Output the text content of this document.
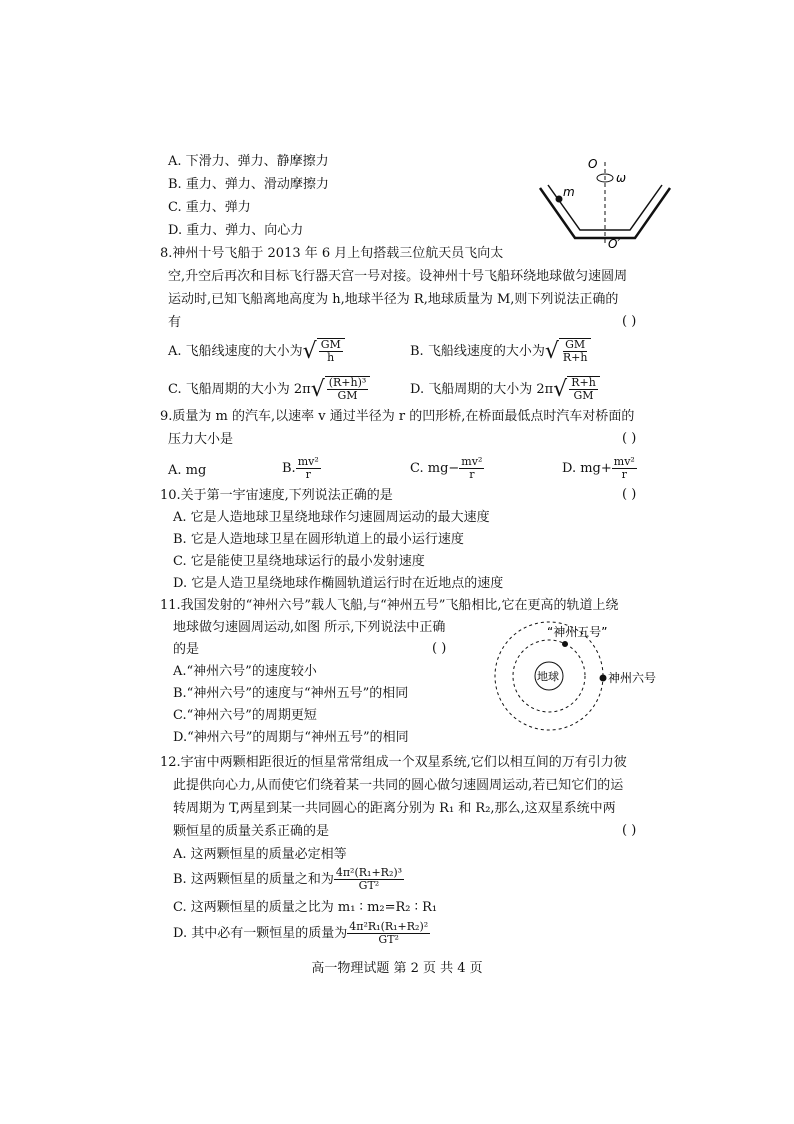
A. 下滑力、弹力、静摩擦力
B. 重力、弹力、滑动摩擦力
C. 重力、弹力
D. 重力、弹力、向心力
O
m
ω
O′
8.神州十号飞船于 2013 年 6 月上旬搭载三位航天员飞向太
空,升空后再次和目标飞行器天宫一号对接。设神州十号飞船环绕地球做匀速圆周
运动时,已知飞船离地高度为 h,地球半径为 R,地球质量为 M,则下列说法正确的
有	( )
A. 飞船线速度的大小为 √ $\frac{GM}{h}$	B. 飞船线速度的大小为 √ $\frac{GM}{R+h}$
C. 飞船周期的大小为 2π √ $\frac{\text{(R+h)³}}{GM}$	D. 飞船周期的大小为 2π √ $\frac{R+h}{GM}$
9.质量为 m 的汽车,以速率 v 通过半径为 r 的凹形桥,在桥面最低点时汽车对桥面的
压力大小是	( )
A. mg	B. $\frac{\text{mv²}}{r}$	C. $mg- \frac{\text{mv²}}{r}$	D. $mg+ \frac{\text{mv²}}{r}$
10.关于第一宇宙速度,下列说法正确的是	( )
A. 它是人造地球卫星绕地球作匀速圆周运动的最大速度
B. 它是人造地球卫星在圆形轨道上的最小运行速度
C. 它是能使卫星绕地球运行的最小发射速度
D. 它是人造卫星绕地球作椭圆轨道运行时在近地点的速度
11.我国发射的“神州六号”载人飞船,与“神州五号”飞船相比,它在更高的轨道上绕
地球做匀速圆周运动,如图 所示,下列说法中正确
的是	( )
A.“神州六号”的速度较小
B.“神州六号”的速度与“神州五号”的相同
C.“神州六号”的周期更短
D.“神州六号”的周期与“神州五号”的相同
地球
“神州五号”
神州六号
12.宇宙中两颗相距很近的恒星常常组成一个双星系统,它们以相互间的万有引力彼
此提供向心力,从而使它们绕着某一共同的圆心做匀速圆周运动,若已知它们的运
转周期为 T,两星到某一共同圆心的距离分别为 R₁ 和 R₂,那么,这双星系统中两
颗恒星的质量关系正确的是	( )
A. 这两颗恒星的质量必定相等
B. 这两颗恒星的质量之和为 $\frac{\text{4π²(R₁+R₂)³}}{\text{GT²}}$
C. 这两颗恒星的质量之比为 m₁ ∶ m₂=R₂ ∶ R₁
D. 其中必有一颗恒星的质量为 $\frac{\text{4π²R₁(R₁+R₂)²}}{\text{GT²}}$
高一物理试题 第 2 页 共 4 页
